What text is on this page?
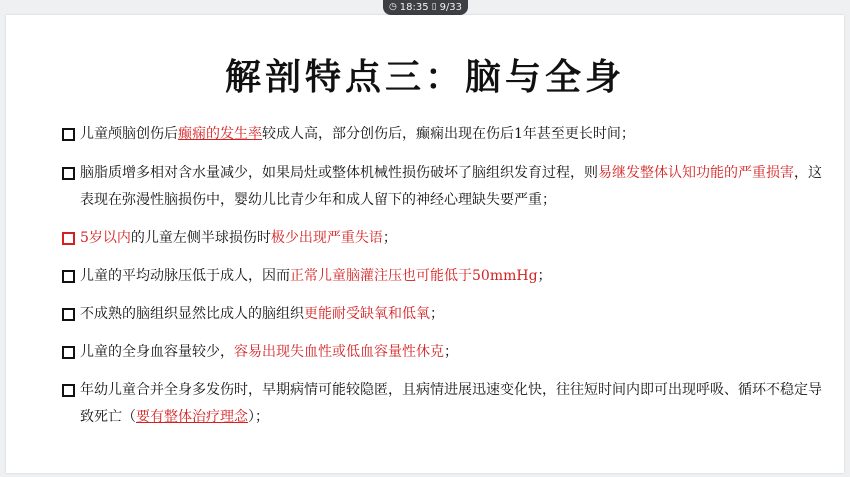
◷ 18:35 ▯ 9/33
解剖特点三：脑与全身
儿童颅脑创伤后癫痫的发生率较成人高，部分创伤后，癫痫出现在伤后1年甚至更长时间；
脑脂质增多相对含水量减少，如果局灶或整体机械性损伤破坏了脑组织发育过程，则易继发整体认知功能的严重损害，这表现在弥漫性脑损伤中，婴幼儿比青少年和成人留下的神经心理缺失要严重；
5岁以内的儿童左侧半球损伤时极少出现严重失语；
儿童的平均动脉压低于成人，因而正常儿童脑灌注压也可能低于50mmHg；
不成熟的脑组织显然比成人的脑组织更能耐受缺氧和低氧；
儿童的全身血容量较少，容易出现失血性或低血容量性休克；
年幼儿童合并全身多发伤时，早期病情可能较隐匿，且病情进展迅速变化快，往往短时间内即可出现呼吸、循环不稳定导致死亡（要有整体治疗理念）；
